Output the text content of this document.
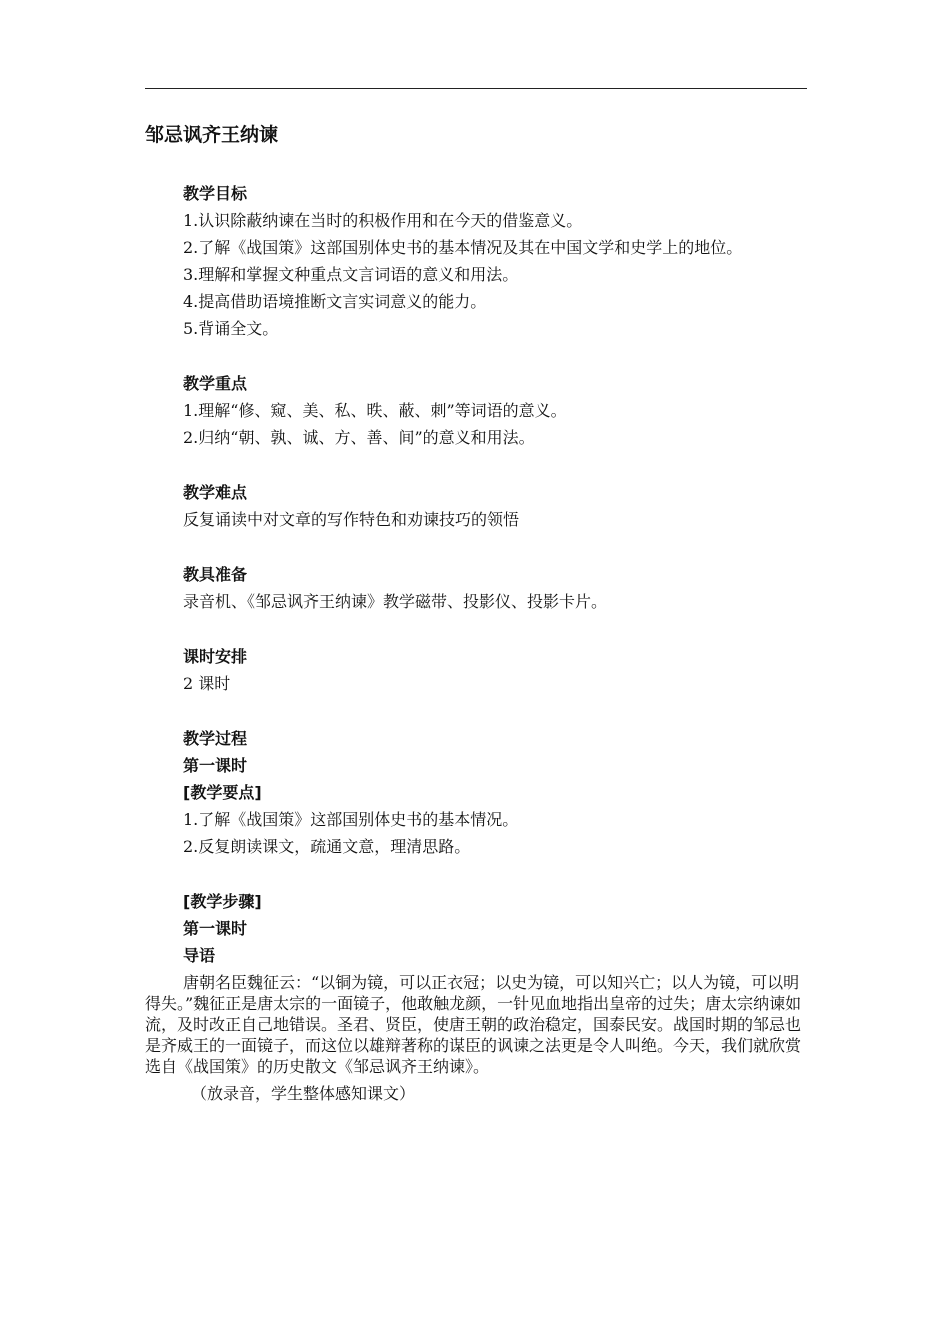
邹忌讽齐王纳谏
教学目标
1.认识除蔽纳谏在当时的积极作用和在今天的借鉴意义。
2.了解《战国策》这部国别体史书的基本情况及其在中国文学和史学上的地位。
3.理解和掌握文种重点文言词语的意义和用法。
4.提高借助语境推断文言实词意义的能力。
5.背诵全文。
教学重点
1.理解“修、窥、美、私、昳、蔽、刺”等词语的意义。
2.归纳“朝、孰、诚、方、善、间”的意义和用法。
教学难点
反复诵读中对文章的写作特色和劝谏技巧的领悟
教具准备
录音机、《邹忌讽齐王纳谏》教学磁带、投影仪、投影卡片。
课时安排
2 课时
教学过程
第一课时
[教学要点]
1.了解《战国策》这部国别体史书的基本情况。
2.反复朗读课文，疏通文意，理清思路。
[教学步骤]
第一课时
导语
唐朝名臣魏征云：“以铜为镜，可以正衣冠；以史为镜，可以知兴亡；以人为镜，可以明得失。”魏征正是唐太宗的一面镜子，他敢触龙颜，一针见血地指出皇帝的过失；唐太宗纳谏如流，及时改正自己地错误。圣君、贤臣，使唐王朝的政治稳定，国泰民安。战国时期的邹忌也是齐威王的一面镜子，而这位以雄辩著称的谋臣的讽谏之法更是令人叫绝。今天，我们就欣赏选自《战国策》的历史散文《邹忌讽齐王纳谏》。
（放录音，学生整体感知课文）
